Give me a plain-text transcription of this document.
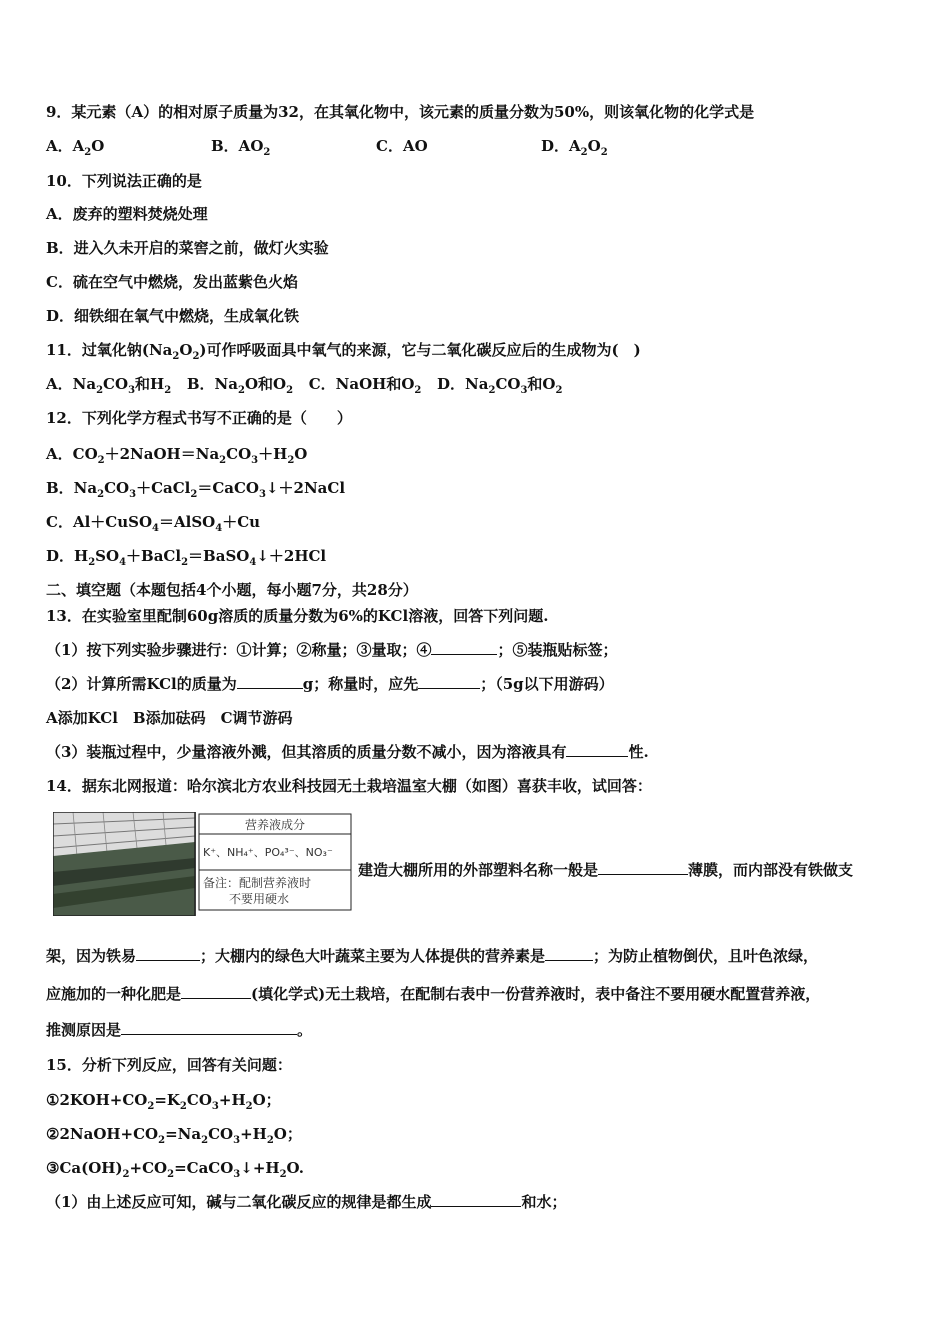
9．某元素（A）的相对原子质量为32，在其氧化物中，该元素的质量分数为50%，则该氧化物的化学式是
A．$A_2O$	B．$AO_2$	C．AO	D．$A_2O_2$
10．下列说法正确的是
A．废弃的塑料焚烧处理
B．进入久未开启的菜窖之前，做灯火实验
C．硫在空气中燃烧，发出蓝紫色火焰
D．细铁细在氧气中燃烧，生成氧化铁
11．过氧化钠$(Na_2O_2)$可作呼吸面具中氧气的来源，它与二氧化碳反应后的生成物为(　)
A．$Na_2CO_3$和$H_2$   B．$Na_2O$和$O_2$   C．NaOH和$O_2$   D．$Na_2CO_3$和$O_2$
12．下列化学方程式书写不正确的是（　　）
A．$CO_2+2NaOH=Na_2CO_3+H_2O$
B．$Na_2CO_3+CaCl_2=CaCO_3↓+2NaCl$
C．Al＋CuSO$_4$＝AlSO$_4$＋Cu
D．$H_2SO_4+BaCl_2=BaSO_4↓+2HCl$
二、填空题（本题包括4个小题，每小题7分，共28分）
13．在实验室里配制60g溶质的质量分数为6%的KCl溶液，回答下列问题.
（1）按下列实验步骤进行：①计算；②称量；③量取；④	；⑤装瓶贴标签；
（2）计算所需KCl的质量为	g；称量时，应先	；（5g以下用游码）
A添加KCl　B添加砝码　C调节游码
（3）装瓶过程中，少量溶液外溅，但其溶质的质量分数不减小，因为溶液具有	性.
14．据东北网报道：哈尔滨北方农业科技园无土栽培温室大棚（如图）喜获丰收，试回答：
营养液成分
K⁺、NH₄⁺、PO₄³⁻、NO₃⁻
备注：配制营养液时
不要用硬水
建造大棚所用的外部塑料名称一般是	薄膜，而内部没有铁做支
架，因为铁易	；大棚内的绿色大叶蔬菜主要为人体提供的营养素是	；为防止植物倒伏，且叶色浓绿，
应施加的一种化肥是	(填化学式)无土栽培，在配制右表中一份营养液时，表中备注不要用硬水配置营养液，
推测原因是	。
15．分析下列反应，回答有关问题：
$①2KOH+CO_2=K_2CO_3+H_2O$；
$②2NaOH+CO_2=Na_2CO_3+H_2O$；
$③Ca(OH)_2+CO_2=CaCO_3↓+H_2O$.
（1）由上述反应可知，碱与二氧化碳反应的规律是都生成	和水；
